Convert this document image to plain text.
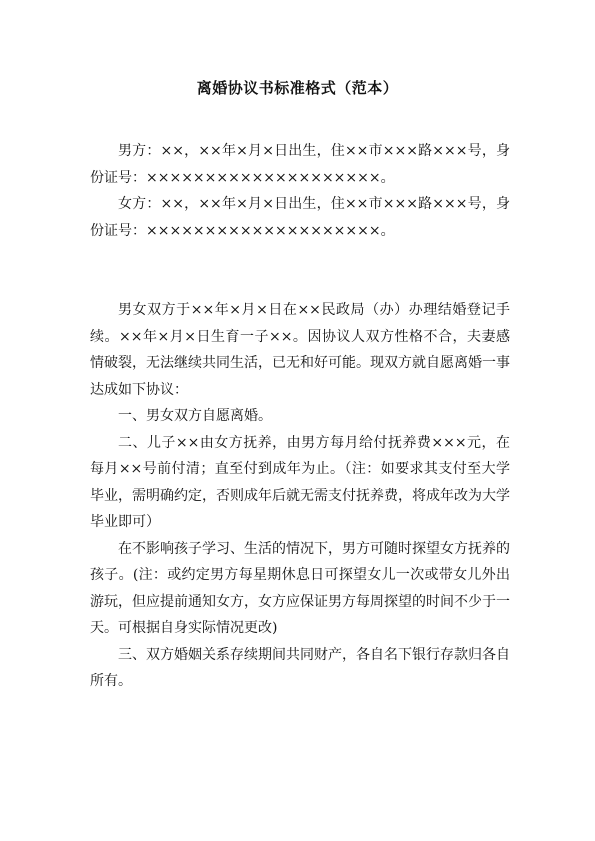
离婚协议书标准格式（范本）

男方：××，××年×月×日出生，住××市×××路×××号，身份证号：××××××××××××××××××××。

女方：××，××年×月×日出生，住××市×××路×××号，身份证号：××××××××××××××××××××。

男女双方于××年×月×日在××民政局（办）办理结婚登记手续。××年×月×日生育一子××。因协议人双方性格不合，夫妻感情破裂，无法继续共同生活，已无和好可能。现双方就自愿离婚一事达成如下协议：

一、男女双方自愿离婚。

二、儿子××由女方抚养，由男方每月给付抚养费×××元，在每月××号前付清；直至付到成年为止。（注：如要求其支付至大学毕业，需明确约定，否则成年后就无需支付抚养费，将成年改为大学毕业即可）

在不影响孩子学习、生活的情况下，男方可随时探望女方抚养的孩子。(注：或约定男方每星期休息日可探望女儿一次或带女儿外出游玩，但应提前通知女方，女方应保证男方每周探望的时间不少于一天。可根据自身实际情况更改)

三、双方婚姻关系存续期间共同财产，各自名下银行存款归各自所有。
